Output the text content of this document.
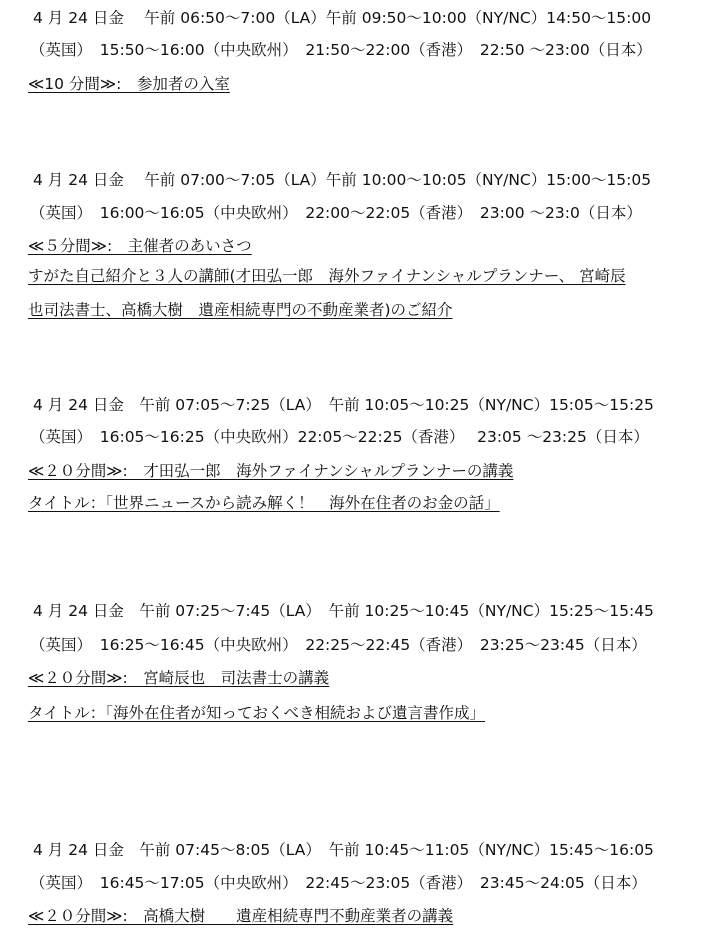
4 月 24 日金　 午前 06:50～7:00（LA）午前 09:50～10:00（NY/NC）14:50～15:00
（英国）　15:50～16:00（中央欧州）　21:50～22:00（香港）　22:50 ～23:00（日本）
≪10 分間≫:　参加者の入室
4 月 24 日金　 午前 07:00～7:05（LA）午前 10:00～10:05（NY/NC）15:00～15:05
（英国）　16:00～16:05（中央欧州）　22:00～22:05（香港）　23:00 ～23:0（日本）
≪５分間≫:　主催者のあいさつ
すがた自己紹介と３人の講師(才田弘一郎　海外ファイナンシャルプランナー、 宮崎辰
也司法書士、高橋大樹　遺産相続専門の不動産業者)のご紹介
4 月 24 日金　午前 07:05～7:25（LA）　午前 10:05～10:25（NY/NC）15:05～15:25
（英国）　16:05～16:25（中央欧州）22:05～22:25（香港）　 23:05 ～23:25（日本）
≪２０分間≫:　才田弘一郎　海外ファイナンシャルプランナーの講義
タイトル：｢世界ニュースから読み解く！　海外在住者のお金の話」
4 月 24 日金　午前 07:25～7:45（LA）　午前 10:25～10:45（NY/NC）15:25～15:45
（英国）　16:25～16:45（中央欧州）　22:25～22:45（香港）　23:25～23:45（日本）
≪２０分間≫:　宮崎辰也　司法書士の講義
タイトル：｢海外在住者が知っておくべき相続および遺言書作成」
4 月 24 日金　午前 07:45～8:05（LA）　午前 10:45～11:05（NY/NC）15:45～16:05
（英国）　16:45～17:05（中央欧州）　22:45～23:05（香港）　23:45～24:05（日本）
≪２０分間≫:　高橋大樹　　遺産相続専門不動産業者の講義
